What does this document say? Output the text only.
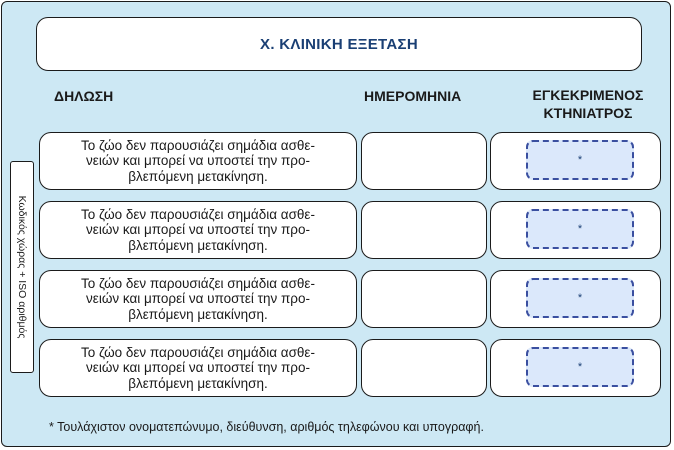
Χ. ΚΛΙΝΙΚΗ ΕΞΕΤΑΣΗ
ΔΗΛΩΣΗ	ΗΜΕΡΟΜΗΝΙΑ	ΕΓΚΕΚΡΙΜΕΝΟΣ
ΚΤΗΝΙΑΤΡΟΣ
Κωδικός χώρας + ISO αριθμός
Το ζώο δεν παρουσιάζει σημάδια ασθε-
νειών και μπορεί να υποστεί την προ-
βλεπόμενη μετακίνηση.
*
Το ζώο δεν παρουσιάζει σημάδια ασθε-
νειών και μπορεί να υποστεί την προ-
βλεπόμενη μετακίνηση.
*
Το ζώο δεν παρουσιάζει σημάδια ασθε-
νειών και μπορεί να υποστεί την προ-
βλεπόμενη μετακίνηση.
*
Το ζώο δεν παρουσιάζει σημάδια ασθε-
νειών και μπορεί να υποστεί την προ-
βλεπόμενη μετακίνηση.
*
* Τουλάχιστον ονοματεπώνυμο, διεύθυνση, αριθμός τηλεφώνου και υπογραφή.
